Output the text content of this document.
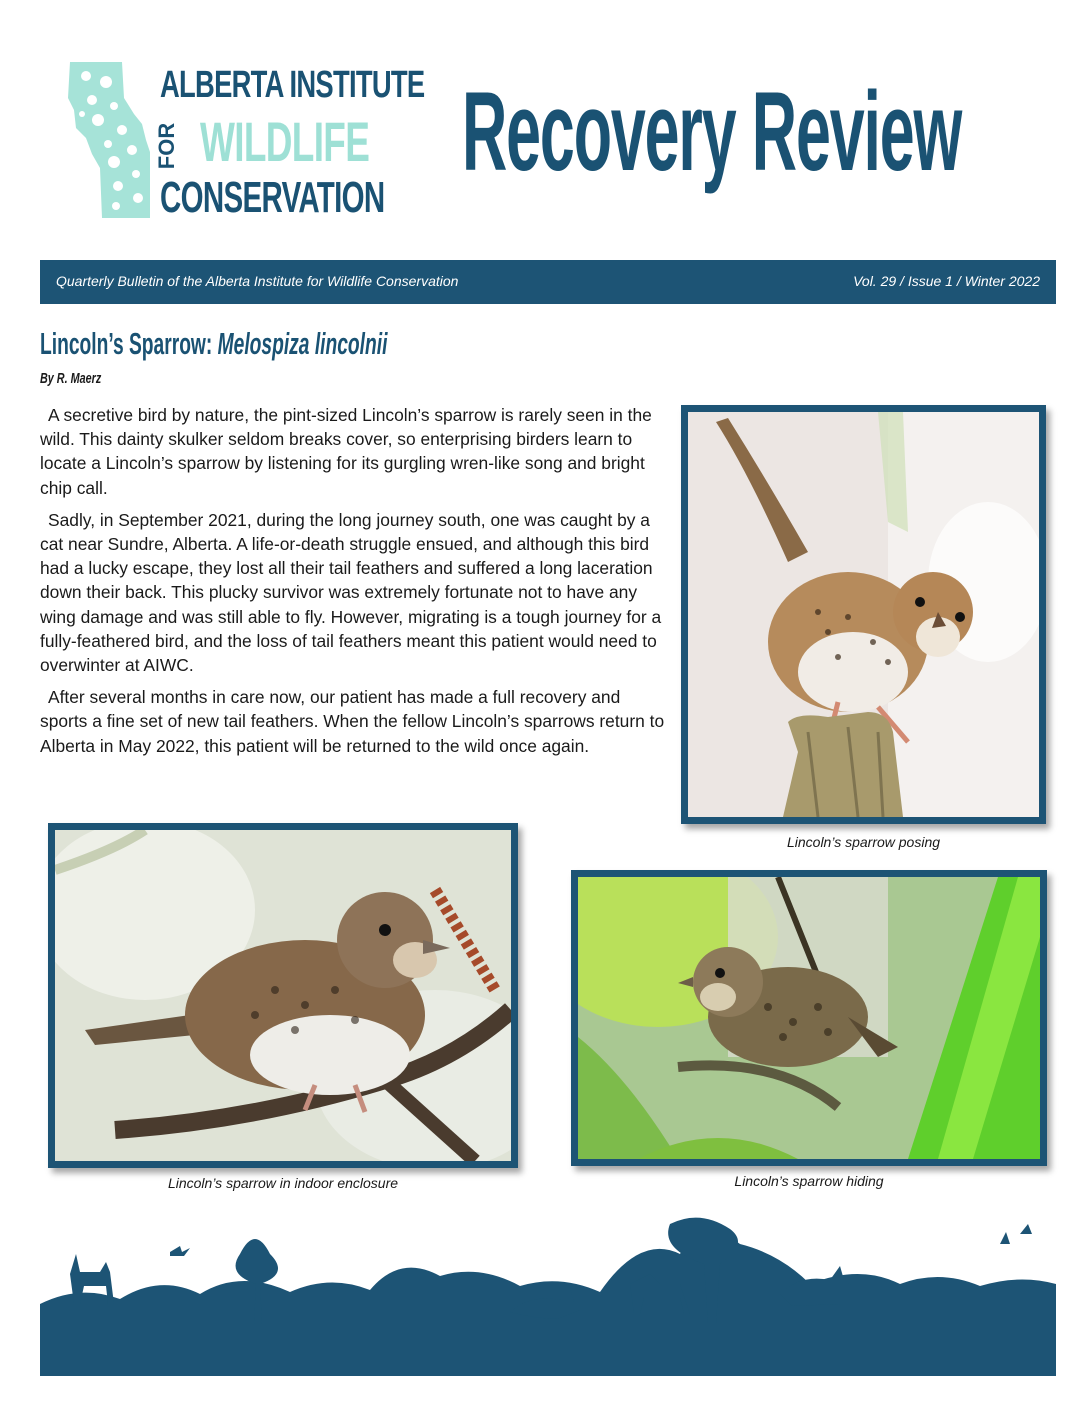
ALBERTA INSTITUTE
FOR WILDLIFE
CONSERVATION
Recovery Review
Quarterly Bulletin of the Alberta Institute for Wildlife Conservation	Vol. 29 / Issue 1 / Winter 2022
Lincoln’s Sparrow: Melospiza lincolnii
By R. Maerz

A secretive bird by nature, the pint-sized Lincoln’s sparrow is rarely seen in the wild. This dainty skulker seldom breaks cover, so enterprising birders learn to locate a Lincoln’s sparrow by listening for its gurgling wren-like song and bright chip call.

Sadly, in September 2021, during the long journey south, one was caught by a cat near Sundre, Alberta. A life-or-death struggle ensued, and although this bird had a lucky escape, they lost all their tail feathers and suffered a long laceration down their back. This plucky survivor was extremely fortunate not to have any wing damage and was still able to fly. However, migrating is a tough journey for a fully-feathered bird, and the loss of tail feathers meant this patient would need to overwinter at AIWC.

After several months in care now, our patient has made a full recovery and sports a fine set of new tail feathers. When the fellow Lincoln’s sparrows return to Alberta in May 2022, this patient will be returned to the wild once again.

Lincoln’s sparrow posing
Lincoln’s sparrow in indoor enclosure	Lincoln’s sparrow hiding
